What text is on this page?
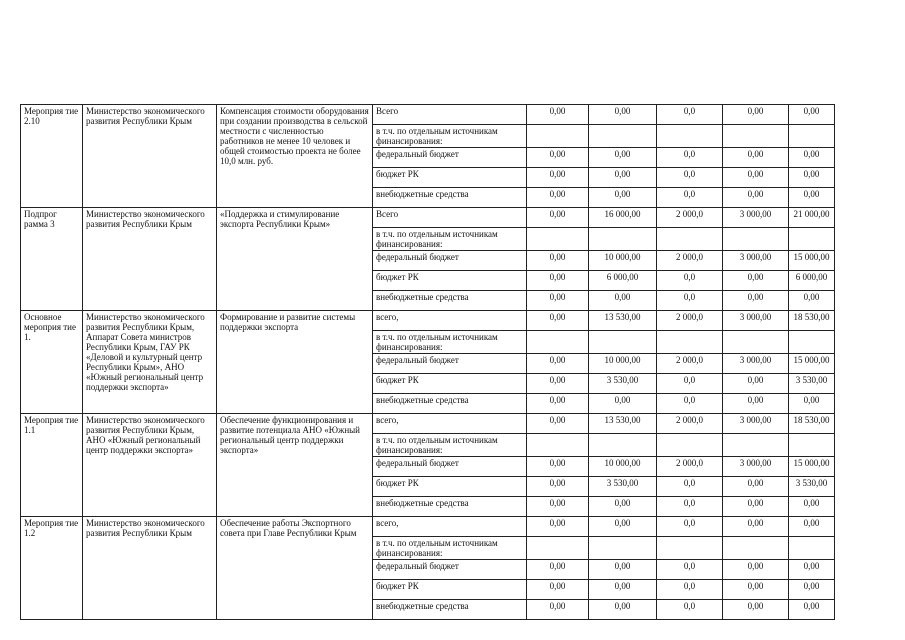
Мероприя тие 2.10	Министерство экономического развития Республики Крым	Компенсация стоимости оборудования при создании производства в сельской местности с численностью работников не менее 10 человек и общей стоимостью проекта не более 10,0 млн. руб.	Всего	0,00	0,00	0,0	0,00	0,00
			в т.ч. по отдельным источникам финансирования:					
			федеральный бюджет	0,00	0,00	0,0	0,00	0,00
			бюджет РК	0,00	0,00	0,0	0,00	0,00
			внебюджетные средства	0,00	0,00	0,0	0,00	0,00
Подпрог рамма 3	Министерство экономического развития Республики Крым	«Поддержка и стимулирование экспорта Республики Крым»	Всего	0,00	16 000,00	2 000,0	3 000,00	21 000,00
			в т.ч. по отдельным источникам финансирования:					
			федеральный бюджет	0,00	10 000,00	2 000,0	3 000,00	15 000,00
			бюджет РК	0,00	6 000,00	0,0	0,00	6 000,00
			внебюджетные средства	0,00	0,00	0,0	0,00	0,00
Основное мероприя тие 1.	Министерство экономического развития Республики Крым, Аппарат Совета министров Республики Крым, ГАУ РК «Деловой и культурный центр Республики Крым», АНО «Южный региональный центр поддержки экспорта»	Формирование и развитие системы поддержки экспорта	всего,	0,00	13 530,00	2 000,0	3 000,00	18 530,00
			в т.ч. по отдельным источникам финансирования:					
			федеральный бюджет	0,00	10 000,00	2 000,0	3 000,00	15 000,00
			бюджет РК	0,00	3 530,00	0,0	0,00	3 530,00
			внебюджетные средства	0,00	0,00	0,0	0,00	0,00
Мероприя тие 1.1	Министерство экономического развития Республики Крым, АНО «Южный региональный центр поддержки экспорта»	Обеспечение функционирования и развитие потенциала АНО «Южный региональный центр поддержки экспорта»	всего,	0,00	13 530,00	2 000,0	3 000,00	18 530,00
			в т.ч. по отдельным источникам финансирования:					
			федеральный бюджет	0,00	10 000,00	2 000,0	3 000,00	15 000,00
			бюджет РК	0,00	3 530,00	0,0	0,00	3 530,00
			внебюджетные средства	0,00	0,00	0,0	0,00	0,00
Мероприя тие 1.2	Министерство экономического развития Республики Крым	Обеспечение работы Экспортного совета при Главе Республики Крым	всего,	0,00	0,00	0,0	0,00	0,00
			в т.ч. по отдельным источникам финансирования:					
			федеральный бюджет	0,00	0,00	0,0	0,00	0,00
			бюджет РК	0,00	0,00	0,0	0,00	0,00
			внебюджетные средства	0,00	0,00	0,0	0,00	0,00
